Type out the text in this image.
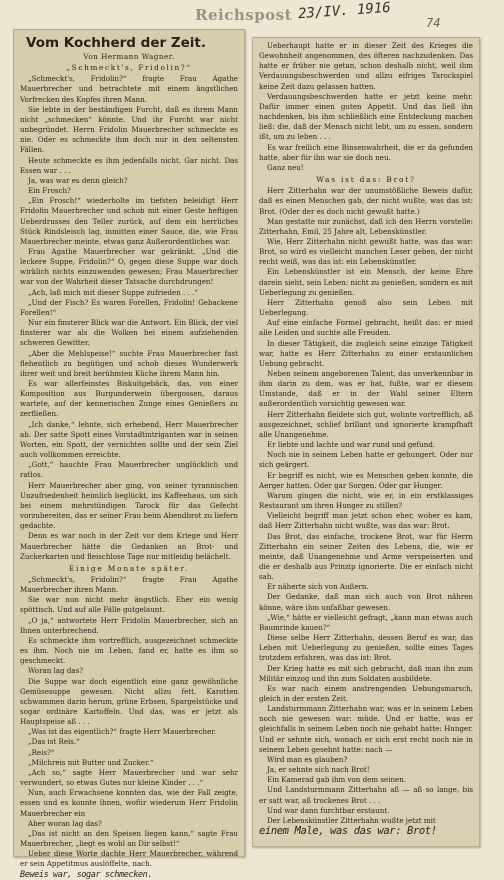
Reichspost 23/IV. 1916
74
Vom Kochherd der Zeit.
Von Hermann Wagner.
„Schmeckt's, Fridolin?“

„Schmeckt's, Fridolin?“ fragte Frau Agathe Mauerbrecher und betrachtete mit einem ängstlichen Vorfrecken des Kopfes ihren Mann.

Sie lebte in der beständigen Furcht, daß es ihrem Mann nicht „schmecken“ könnte. Und ihr Furcht war nicht unbegründet. Herrn Fridolin Mauerbrecher schmeckte es nie. Oder es schmeckte ihm doch nur in den seltensten Fällen.

Heute schmeckte es ihm jedenfalls nicht. Gar nicht. Das Essen war . . .

Ja, was war es denn gleich?

Ein Frosch?

„Ein Frosch!“ wiederholte im tiefsten beleidigt Herr Fridolin Mauerbrecher und schob mit einer Geste heftigen Ueberdrusses den Teller zurück, auf dem ein herrliches Stück Rindsleisch lag, inmitten einer Sauce, die, wie Frau Mauerbrecher meinte, etwas ganz Außerordentliches war.

Frau Agathe Mauerbrecher war gekränkt. „Und die leckere Suppe, Fridolin?“ O, gegen diese Suppe war doch wirklich nichts einzuwenden gewesen; Frau Mauerbrecher war von der Wahrheit dieser Tatsache durchdrungen!

„Ach, laß mich mit dieser Suppe zufrieden . . .“

„Und der Fisch? Es waren Forellen, Fridolin! Gebackene Forellen!“

Nur ein finsterer Blick war die Antwort. Ein Blick, der viel finsterer war als die Wolken bei einem aufziehenden schweren Gewitter.

„Aber die Mehlspeise!“ suchte Frau Mauerbrecher fast flehentlich zu begütigen und schob dieses Wunderwerk ihrer weit und breit berühmten Küche ihrem Mann hin.

Es war allerfeinstes Biskuitgebäck, das, von einer Komposition aus Burgunderwein übergossen, daraus wartete, auf der kennerischen Zunge eines Genießers zu zerfließen.

„Ich danke,“ lehnte, sich erhebend, Herr Mauerbrecher ab. Der satte Spott eines Vorstadtintriganten war in seinen Worten, ein Spott, der vernichten sollte und der sein Ziel auch vollkommen erreichte.

„Gott,“ hauchte Frau Mauerbrecher unglücklich und ratlos.

Herr Mauerbrecher aber ging, von seiner tyrannischen Unzufriedenheit heimlich beglückt, ins Kaffeehaus, um sich bei einem mehrstündigen Tarock für das Gefecht vorzubereiten, das er seiner Frau beim Abendbrot zu liefern gedachte.

Denn es war noch in der Zeit vor dem Kriege und Herr Mauerbrecher hätte die Gedanken an Brot- und Zuckerkarten und fleischlose Tage nur mitleidig belächelt.

Einige Monate später.

„Schmeckt's, Fridolin?“ fragte Frau Agathe Mauerbrecher ihren Mann.

Sie war nun nicht mehr ängstlich. Eher ein wenig spöttisch. Und auf alle Fälle gutgelaunt.

„O ja,“ antwortete Herr Fridolin Mauerbrecher, sich an Ihnen unterbrechend.

Es schmeckte ihm vortrefflich, ausgezeichnet schmeckte es ihm. Noch nie im Leben, fand er, hatte es ihm so geschmeckt.

Woran lag das?

Die Suppe war doch eigentlich eine ganz gewöhnliche Gemüsesuppe gewesen. Nicht allzu fett. Karotten schwammen darin herum, grüne Erbsen, Spargelstücke und sogar ordinäre Kartoffeln. Und das, was er jetzt als Hauptspeise aß . . .

„Was ist das eigentlich?“ fragte Herr Mauerbrecher.

„Das ist Reis.“

„Reis?“

„Milchreis mit Butter und Zucker.“

„Ach so,“ sagte Herr Mauerbrecher und war sehr verwundert, so etwas Gutes nur kleine Kinder . . .“

Nun, auch Erwachsene konnten das, wie der Fall zeigte, essen und es konnte ihnen, wofür wiederum Herr Fridolin Mauerbrecher ein

Aber woran lag das?

„Das ist nicht an den Speisen liegen kann,“ sagte Frau Mauerbrecher, „liegt es wohl an Dir selbst!“

Ueber diese Worte dachte Herr Mauerbrecher, während er sein Appetitmus auslöffelte, nach.

Beweis war, sogar schmecken.

Ueberhaupt hatte er in dieser Zeit des Krieges die Gewohnheit angenommen, des öfteren nachzudenken. Das hatte er früher nie getan, schon deshalb nicht, weil ihm Verdauungsbeschwerden und allzu eifriges Tarockspiel keine Zeit dazu gelassen hatten.

Verdauungsbeschwerden hatte er jetzt keine mehr. Dafür immer einen guten Appetit. Und das ließ ihn nachdenken, bis ihm schließlich eine Entdeckung machen ließ: die, daß der Mensch nicht lebt, um zu essen, sondern ißt, um zu leben . . .

Es war freilich eine Binsenwahrheit, die er da gefunden hatte, aber für ihn war sie doch neu.

Ganz neu!

Was ist das: Brot?

Herr Zitterhahn war der unumstößliche Beweis dafür, daß es einen Menschen gab, der nicht wußte, was das ist: Brot. (Oder der es doch nicht gewußt hatte.)

Man gestatte mir zunächst, daß ich den Herrn vorstelle: Zitterhahn, Emil, 25 Jahre alt, Lebenskünstler.

Wie, Herr Zitterhahn nicht gewußt hatte, was das war: Brot, so wird es vielleicht manchen Leser geben, der nicht recht weiß, was das ist: ein Lebenskünstler.

Ein Lebenskünstler ist ein Mensch, der keine Ehre darein sieht, sein Leben: nicht zu genießen, sondern es mit Ueberlegung zu genießen.

Herr Zitterhahn genoß also sein Leben mit Ueberlegung.

Auf eine einfache Formel gebracht, heißt das: er mied alle Leiden und suchte alle Freuden.

In dieser Tätigkeit, die zugleich seine einzige Tätigkeit war, hatte es Herr Zitterhahn zu einer erstaunlichen Uebung gebracht.

Neben seinem angeborenen Talent, das unverkennbar in ihm darin zu dem, was er hat, fußte, war er diesem Umstande, daß er in der Wahl seiner Eltern außerordentlich vorsichtig gewesen war.

Herr Zitterhahn fleidete sich gut, wohnte vortrefflich, aß ausgezeichnet, schlief brillant und ignorierte krampfhaft alle Unangenehme.

Er liebte und lachte und war rund und gefund.

Noch nie in seinem Leben hatte er gehungert. Oder nur sich geärgert.

Er begriff es nicht, wie es Menschen geben konnte, die Aerger hatten. Oder gar Sorgen. Oder gar Hunger.

Warum gingen die nicht, wie er, in ein erstklassiges Restaurant um ihren Hunger zu stillen?

Vielleicht begriff man jetzt schon eher, woher es kam, daß Herr Zitterhahn nicht wußte, was das war: Brot.

Das Brot, das einfache, trockene Brot, war für Herrn Zitterhahn ein seiner Zeiten des Lebens, die, wie er meinte, daß Unangenehme und Arme verspeiserten und die er deshalb aus Prinzip ignorierte. Die er einfach nicht sah.

Er näherte sich von Außern.

Der Gedanke, daß man sich auch von Brot nähren könne, wäre ihm unfaßbar gewesen.

„Wie,“ hätte er vielleicht gefragt, „kann man etwas auch Baumrinde kauen?“

Diese selbe Herr Zitterhahn, dessen Beruf es war, das Leben mit Ueberlegung zu genießen, sollte eines Tages trotzdem erfahren, was das ist: Brot.

Der Krieg hatte es mit sich gebracht, daß man ihn zum Militär einzog und ihn zum Soldaten ausbildete.

Es war nach einem anstrengenden Uebungsmarsch, gleich in der ersten Zeit.

Landsturmmann Zitterhahn war, was er in seinem Leben noch nie gewesen war: müde. Und er hatte, was er gleichfalls in seinem Leben noch nie gehabt hatte: Hunger. Und er sehnte sich, wonach er sich erst recht noch nie in seinem Leben gesehnt hatte: nach —

Wird man es glauben?

Ja, er sehnte sich nach Brot!

Ein Kamerad gab ihm von dem seinen.

Und Landsturmmann Zitterhahn aß — aß so lange, bis er satt war, aß trockenes Brot . . .

Und war dann furchtbar erstaunt.

Der Lebenskünstler Zitterhahn wußte jetzt mit

einem Male, was das war: Brot!
